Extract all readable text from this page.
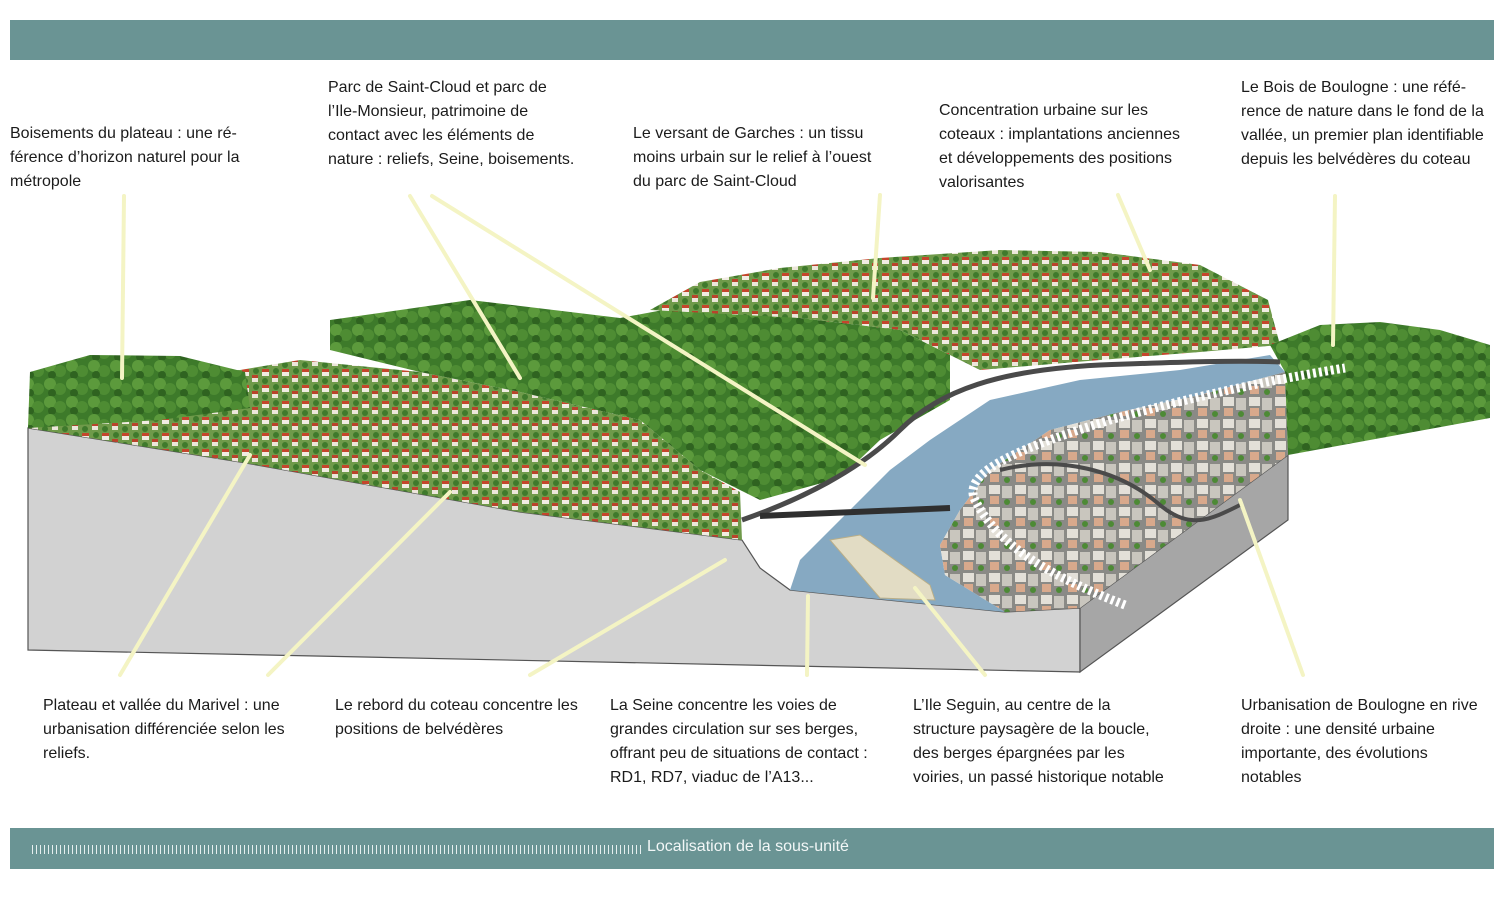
Boisements du plateau : une référence d’horizon naturel pour la métropole
Parc de Saint-Cloud et parc de l’Ile-Monsieur, patrimoine de contact avec les éléments de nature : reliefs, Seine, boisements.
Le versant de Garches : un tissu moins urbain sur le relief à l’ouest du parc de Saint-Cloud
Concentration urbaine sur les coteaux : implantations anciennes et développements des positions valorisantes
Le Bois de Boulogne : une référence de nature dans le fond de la vallée, un premier plan identifiable depuis les belvédères du coteau
Plateau et vallée du Marivel : une urbanisation différenciée selon les reliefs.
Le rebord du coteau concentre les positions de belvédères
La Seine concentre les voies de grandes circulation sur ses berges, offrant peu de situations de contact : RD1, RD7, viaduc de l’A13...
L’Ile Seguin, au centre de la structure paysagère de la boucle, des berges épargnées par les voiries, un passé historique notable
Urbanisation de Boulogne en rive droite : une densité urbaine importante, des évolutions notables
Localisation de la sous-unité
